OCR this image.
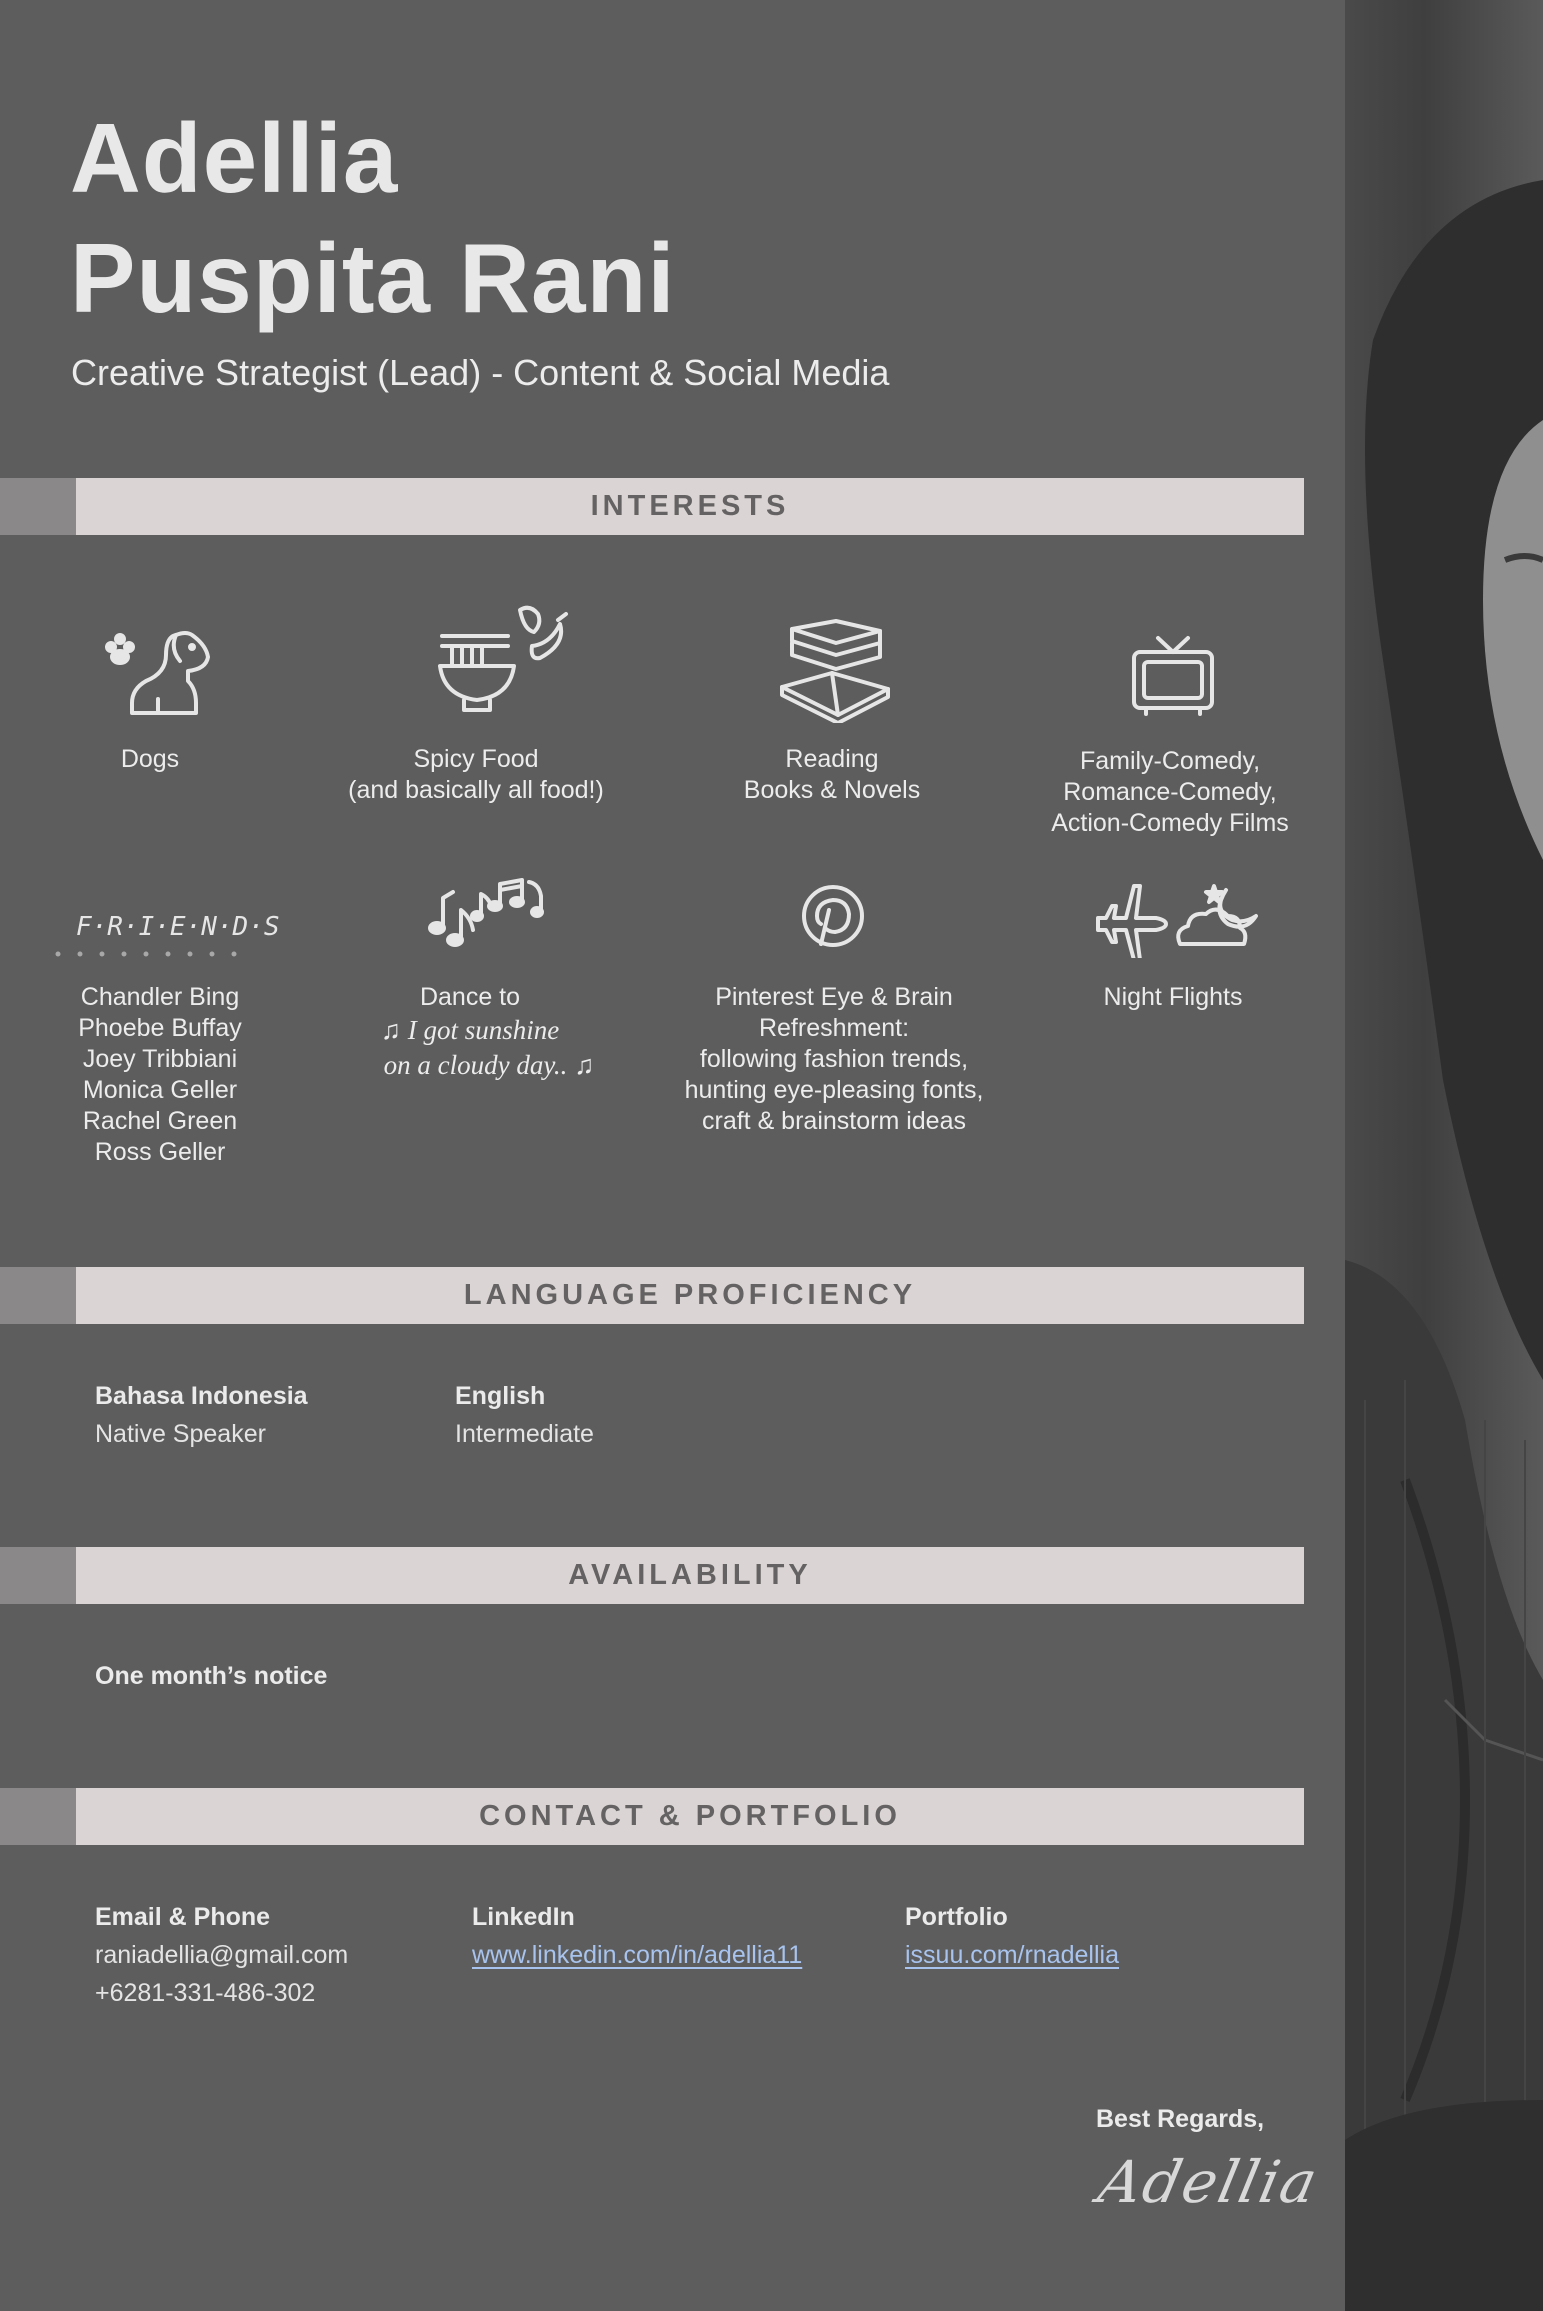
Adellia
Puspita Rani
Creative Strategist (Lead) - Content & Social Media
INTERESTS
Dogs	Spicy Food
(and basically all food!)
Reading
Books & Novels
Family-Comedy,
Romance-Comedy,
Action-Comedy Films
F·R·I·E·N·D·S
Chandler Bing
Phoebe Buffay
Joey Tribbiani
Monica Geller
Rachel Green
Ross Geller
Dance to
♫ I got sunshine
on a cloudy day.. ♫
Pinterest Eye & Brain
Refreshment:
following fashion trends,
hunting eye-pleasing fonts,
craft & brainstorm ideas
Night Flights
LANGUAGE PROFICIENCY
Bahasa Indonesia
Native Speaker
English
Intermediate
AVAILABILITY
One month’s notice
CONTACT & PORTFOLIO
Email & Phone
raniadellia@gmail.com
+6281-331-486-302
LinkedIn
www.linkedin.com/in/adellia11
Portfolio
issuu.com/rnadellia
Best Regards,
Adellia
